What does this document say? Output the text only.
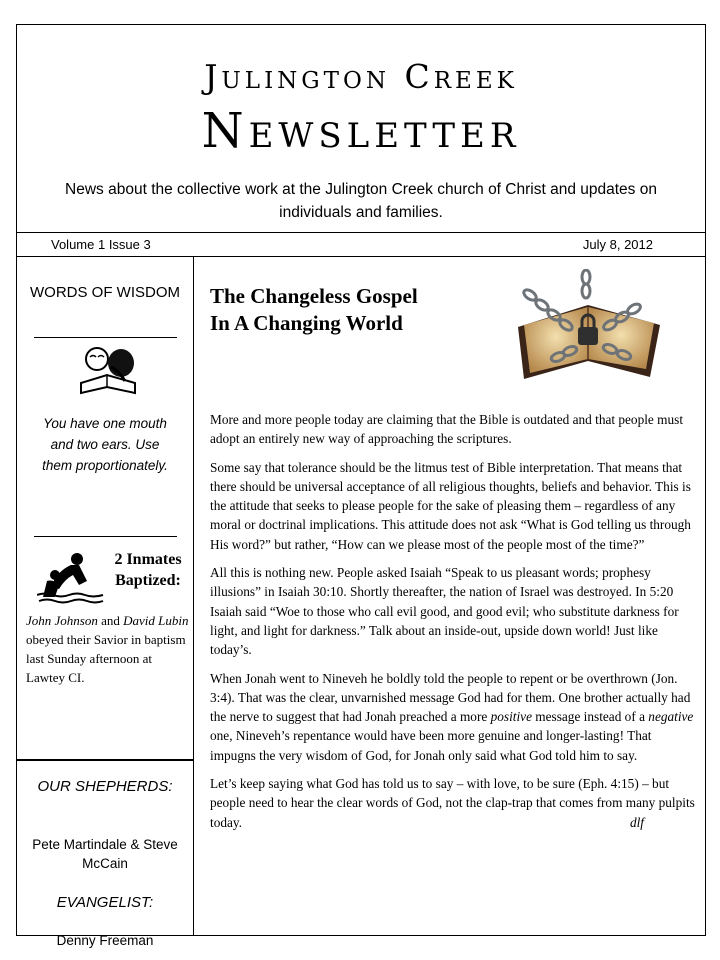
Julington Creek
Newsletter
News about the collective work at the Julington Creek church of Christ and updates on individuals and families.
Volume 1 Issue 3	July 8, 2012
WORDS OF WISDOM
You have one mouth and two ears. Use them proportionately.
2 Inmates Baptized:
John Johnson and David Lubin obeyed their Savior in baptism last Sunday afternoon at Lawtey CI.
OUR SHEPHERDS:
Pete Martindale & Steve McCain
EVANGELIST:
Denny Freeman
The Changeless Gospel
In A Changing World

More and more people today are claiming that the Bible is outdated and that people must adopt an entirely new way of approaching the scriptures.

Some say that tolerance should be the litmus test of Bible interpretation. That means that there should be universal acceptance of all religious thoughts, beliefs and behavior. This is the attitude that seeks to please people for the sake of pleasing them – regardless of any moral or doctrinal implications. This attitude does not ask “What is God telling us through His word?” but rather, “How can we please most of the people most of the time?”

All this is nothing new. People asked Isaiah “Speak to us pleasant words; prophesy illusions” in Isaiah 30:10. Shortly thereafter, the nation of Israel was destroyed. In 5:20 Isaiah said “Woe to those who call evil good, and good evil; who substitute darkness for light, and light for darkness.” Talk about an inside-out, upside down world! Just like today’s.

When Jonah went to Nineveh he boldly told the people to repent or be overthrown (Jon. 3:4). That was the clear, unvarnished message God had for them. One brother actually had the nerve to suggest that had Jonah preached a more positive message instead of a negative one, Nineveh’s repentance would have been more genuine and longer-lasting! That impugns the very wisdom of God, for Jonah only said what God told him to say.

Let’s keep saying what God has told us to say – with love, to be sure (Eph. 4:15) – but people need to hear the clear words of God, not the clap-trap that comes from many pulpits today.	dlf
